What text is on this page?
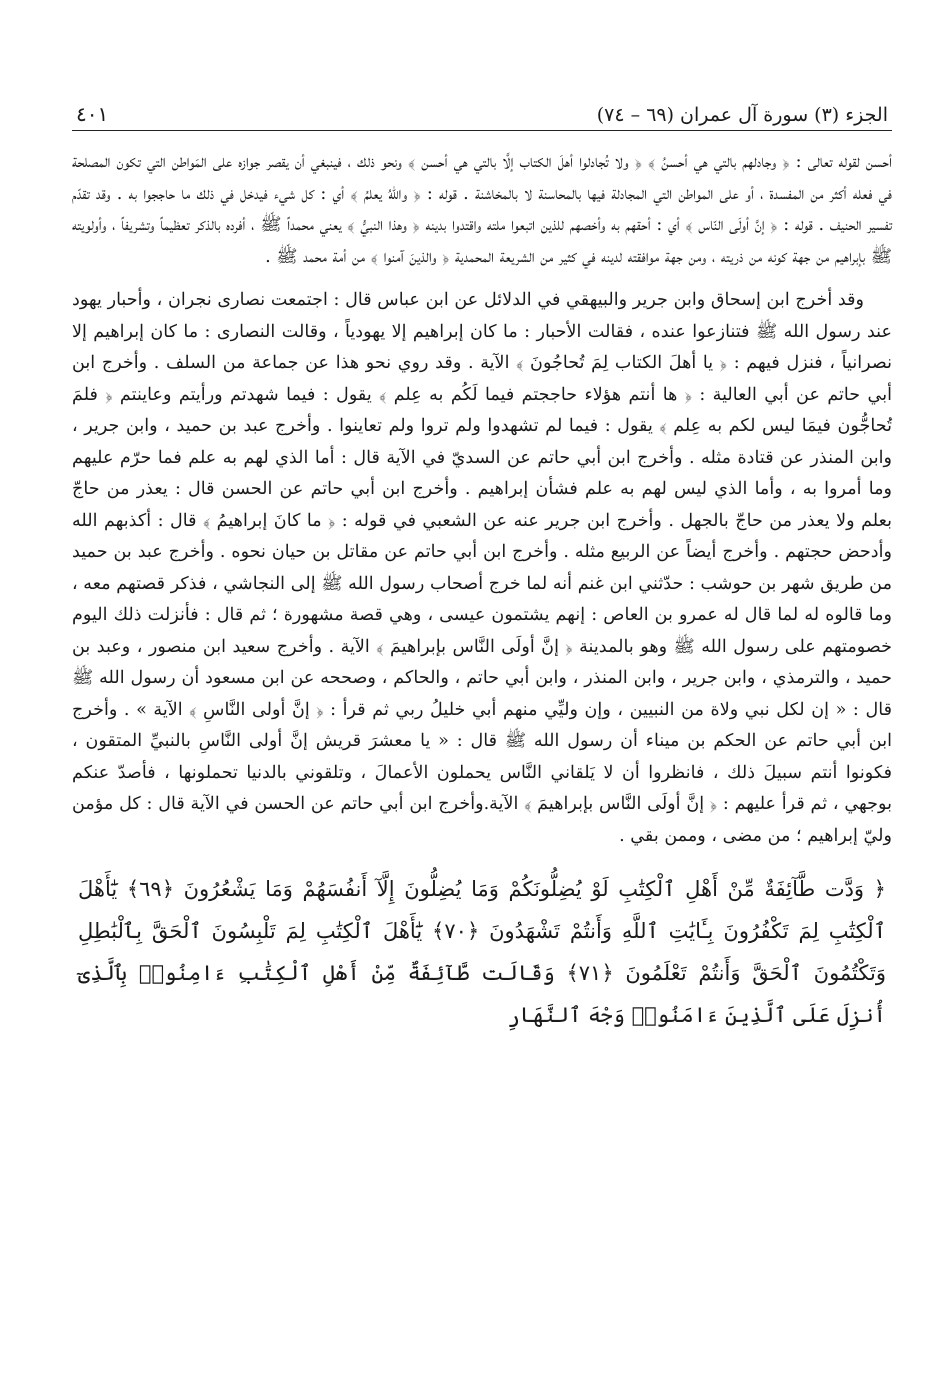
٤٠١	الجزء (٣) سورة آل عمران (٦٩ – ٧٤)

أحسن لقوله تعالى : ﴿ وجادلهم بالتي هي أحسنُ ﴾ ﴿ ولا تُجادلوا أهلَ الكتاب إلَّا بالتي هي أحسن ﴾ ونحو ذلك ، فينبغي أن يقصر جوازه على المَواطن التي تكون المصلحة في فعله أكثر من المفسدة ، أو على المواطن التي المجادلة فيها بالمحاسنة لا بالمخاشنة . قوله : ﴿ واللهُ يعلمُ ﴾ أي : كل شيء فيدخل في ذلك ما حاججوا به . وقد تقدّم تفسير الحنيف . قوله : ﴿ إنَّ أولَى النّاس ﴾ أي : أحقهم به وأخصهم للذين اتبعوا ملته واقتدوا بدينه ﴿ وهذا النبيُّ ﴾ يعني محمداً ﷺ ، أفرده بالذكر تعظيماً وتشريفاً ، وأولويته ﷺ بإبراهيم من جهة كونه من ذريته ، ومن جهة موافقته لدينه في كثير من الشريعة المحمدية ﴿ والذينَ آمنوا ﴾ من أمة محمد ﷺ .

وقد أخرج ابن إسحاق وابن جرير والبيهقي في الدلائل عن ابن عباس قال : اجتمعت نصارى نجران ، وأحبار يهود عند رسول الله ﷺ فتنازعوا عنده ، فقالت الأحبار : ما كان إبراهيم إلا يهودياً ، وقالت النصارى : ما كان إبراهيم إلا نصرانياً ، فنزل فيهم : ﴿ يا أهلَ الكتاب لِمَ تُحاجُونَ ﴾ الآية . وقد روي نحو هذا عن جماعة من السلف . وأخرج ابن أبي حاتم عن أبي العالية : ﴿ ها أنتم هؤلاء حاججتم فيما لَكُم به عِلم ﴾ يقول : فيما شهدتم ورأيتم وعاينتم ﴿ فلمَ تُحاجُّون فيمَا ليس لكم به عِلم ﴾ يقول : فيما لم تشهدوا ولم تروا ولم تعاينوا . وأخرج عبد بن حميد ، وابن جرير ، وابن المنذر عن قتادة مثله . وأخرج ابن أبي حاتم عن السديّ في الآية قال : أما الذي لهم به علم فما حرّم عليهم وما أمروا به ، وأما الذي ليس لهم به علم فشأن إبراهيم . وأخرج ابن أبي حاتم عن الحسن قال : يعذر من حاجّ بعلم ولا يعذر من حاجّ بالجهل . وأخرج ابن جرير عنه عن الشعبي في قوله : ﴿ ما كانَ إبراهيمُ ﴾ قال : أكذبهم الله وأدحض حجتهم . وأخرج أيضاً عن الربيع مثله . وأخرج ابن أبي حاتم عن مقاتل بن حيان نحوه . وأخرج عبد بن حميد من طريق شهر بن حوشب : حدّثني ابن غنم أنه لما خرج أصحاب رسول الله ﷺ إلى النجاشي ، فذكر قصتهم معه ، وما قالوه له لما قال له عمرو بن العاص : إنهم يشتمون عيسى ، وهي قصة مشهورة ؛ ثم قال : فأنزلت ذلك اليوم خصومتهم على رسول الله ﷺ وهو بالمدينة ﴿ إنَّ أولَى النَّاس بإبراهيمَ ﴾ الآية . وأخرج سعيد ابن منصور ، وعبد بن حميد ، والترمذي ، وابن جرير ، وابن المنذر ، وابن أبي حاتم ، والحاكم ، وصححه عن ابن مسعود أن رسول الله ﷺ قال : « إن لكل نبي ولاة من النبيين ، وإن وليِّي منهم أبي خليلُ ربي ثم قرأ : ﴿ إنَّ أولى النَّاسِ ﴾ الآية » . وأخرج ابن أبي حاتم عن الحكم بن ميناء أن رسول الله ﷺ قال : « يا معشرَ قريش إنَّ أولى النَّاسِ بالنبيِّ المتقون ، فكونوا أنتم سبيلَ ذلك ، فانظروا أن لا يَلقاني النَّاس يحملون الأعمالَ ، وتلقوني بالدنيا تحملونها ، فأصدّ عنكم بوجهي ، ثم قرأ عليهم : ﴿ إنَّ أولَى النَّاس بإبراهيمَ ﴾ الآية.وأخرج ابن أبي حاتم عن الحسن في الآية قال : كل مؤمن وليّ إبراهيم ؛ من مضى ، وممن بقي .

﴿ وَدَّت طَّآئِفَةٌ مِّنْ أَهْلِ ٱلْكِتَٰبِ لَوْ يُضِلُّونَكُمْ وَمَا يُضِلُّونَ إِلَّآ أَنفُسَهُمْ وَمَا يَشْعُرُونَ ﴿٦٩﴾ يَٰٓأَهْلَ ٱلْكِتَٰبِ لِمَ تَكْفُرُونَ بِـَٔايَٰتِ ٱللَّهِ وَأَنتُمْ تَشْهَدُونَ ﴿٧٠﴾ يَٰٓأَهْلَ ٱلْكِتَٰبِ لِمَ تَلْبِسُونَ ٱلْحَقَّ بِٱلْبَٰطِلِ وَتَكْتُمُونَ ٱلْحَقَّ وَأَنتُمْ تَعْلَمُونَ ﴿٧١﴾ وَقَالَت طَّآئِفَةٌ مِّنْ أَهْلِ ٱلْكِتَٰبِ ءَامِنُوا۟ بِٱلَّذِىٓ أُنزِلَ عَلَى ٱلَّذِينَ ءَامَنُوا۟ وَجْهَ ٱلنَّهَارِ
